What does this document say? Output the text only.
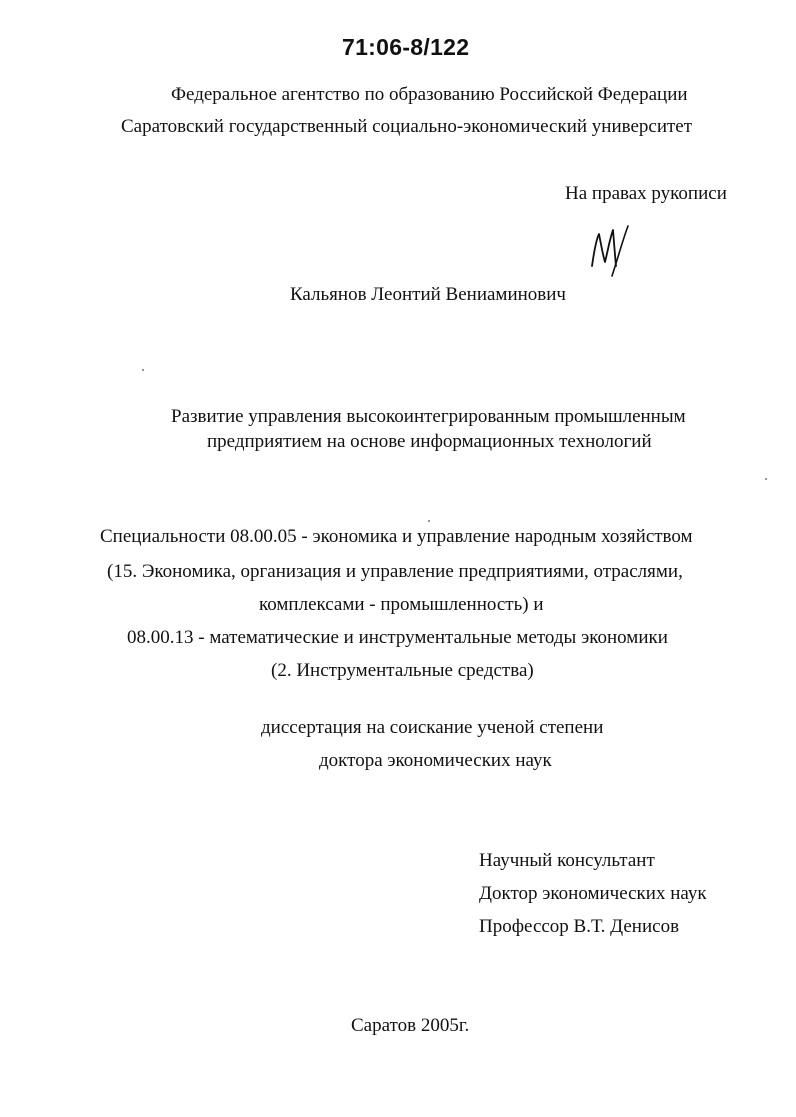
71:06-8/122
Федеральное агентство по образованию Российской Федерации
Саратовский государственный социально-экономический университет
На правах рукописи
Кальянов Леонтий Вениаминович
Развитие управления высокоинтегрированным промышленным
предприятием на основе информационных технологий
Специальности 08.00.05 - экономика и управление народным хозяйством
(15. Экономика, организация и управление предприятиями, отраслями,
комплексами - промышленность) и
08.00.13 - математические и инструментальные методы экономики
(2. Инструментальные средства)
диссертация на соискание ученой степени
доктора экономических наук
Научный консультант
Доктор экономических наук
Профессор В.Т. Денисов
Саратов 2005г.
